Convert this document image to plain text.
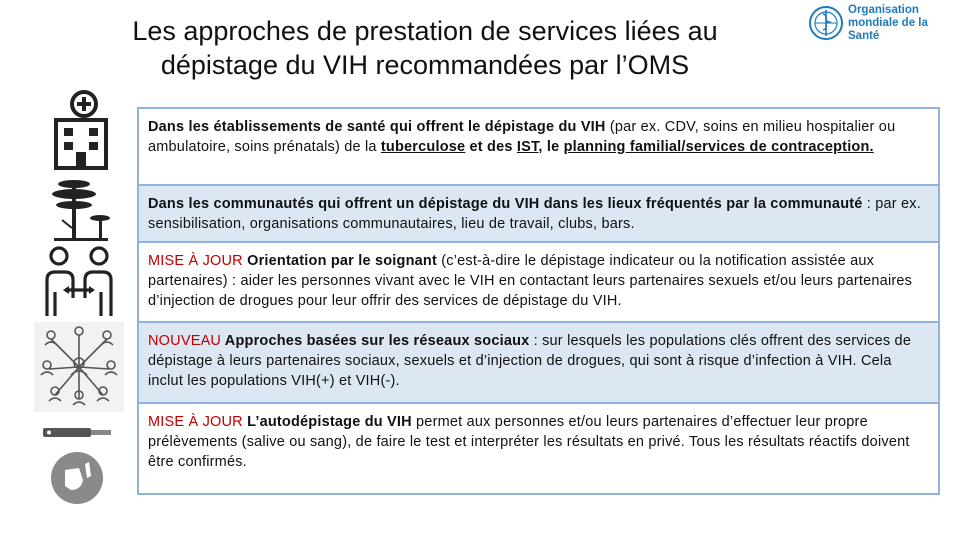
Les approches de prestation de services liées au
dépistage du VIH recommandées par l’OMS
Organisation
mondiale de la Santé
Dans les établissements de santé qui offrent le dépistage du VIH (par ex. CDV, soins en milieu hospitalier ou ambulatoire, soins prénatals) de la tuberculose et des IST, le planning familial/services de contraception.
Dans les communautés qui offrent un dépistage du VIH dans les lieux fréquentés par la communauté : par ex. sensibilisation, organisations communautaires, lieu de travail, clubs, bars.
MISE À JOUR Orientation par le soignant (c’est-à-dire le dépistage indicateur ou la notification assistée aux partenaires) : aider les personnes vivant avec le VIH en contactant leurs partenaires sexuels et/ou leurs partenaires d’injection de drogues pour leur offrir des services de dépistage du VIH.
NOUVEAU Approches basées sur les réseaux sociaux : sur lesquels les populations clés offrent des services de dépistage à leurs partenaires sociaux, sexuels et d’injection de drogues, qui sont à risque d’infection à VIH. Cela inclut les populations VIH(+) et VIH(-).
MISE À JOUR L’autodépistage du VIH permet aux personnes et/ou leurs partenaires d’effectuer leur propre prélèvements (salive ou sang), de faire le test et interpréter les résultats en privé. Tous les résultats réactifs doivent être confirmés.
